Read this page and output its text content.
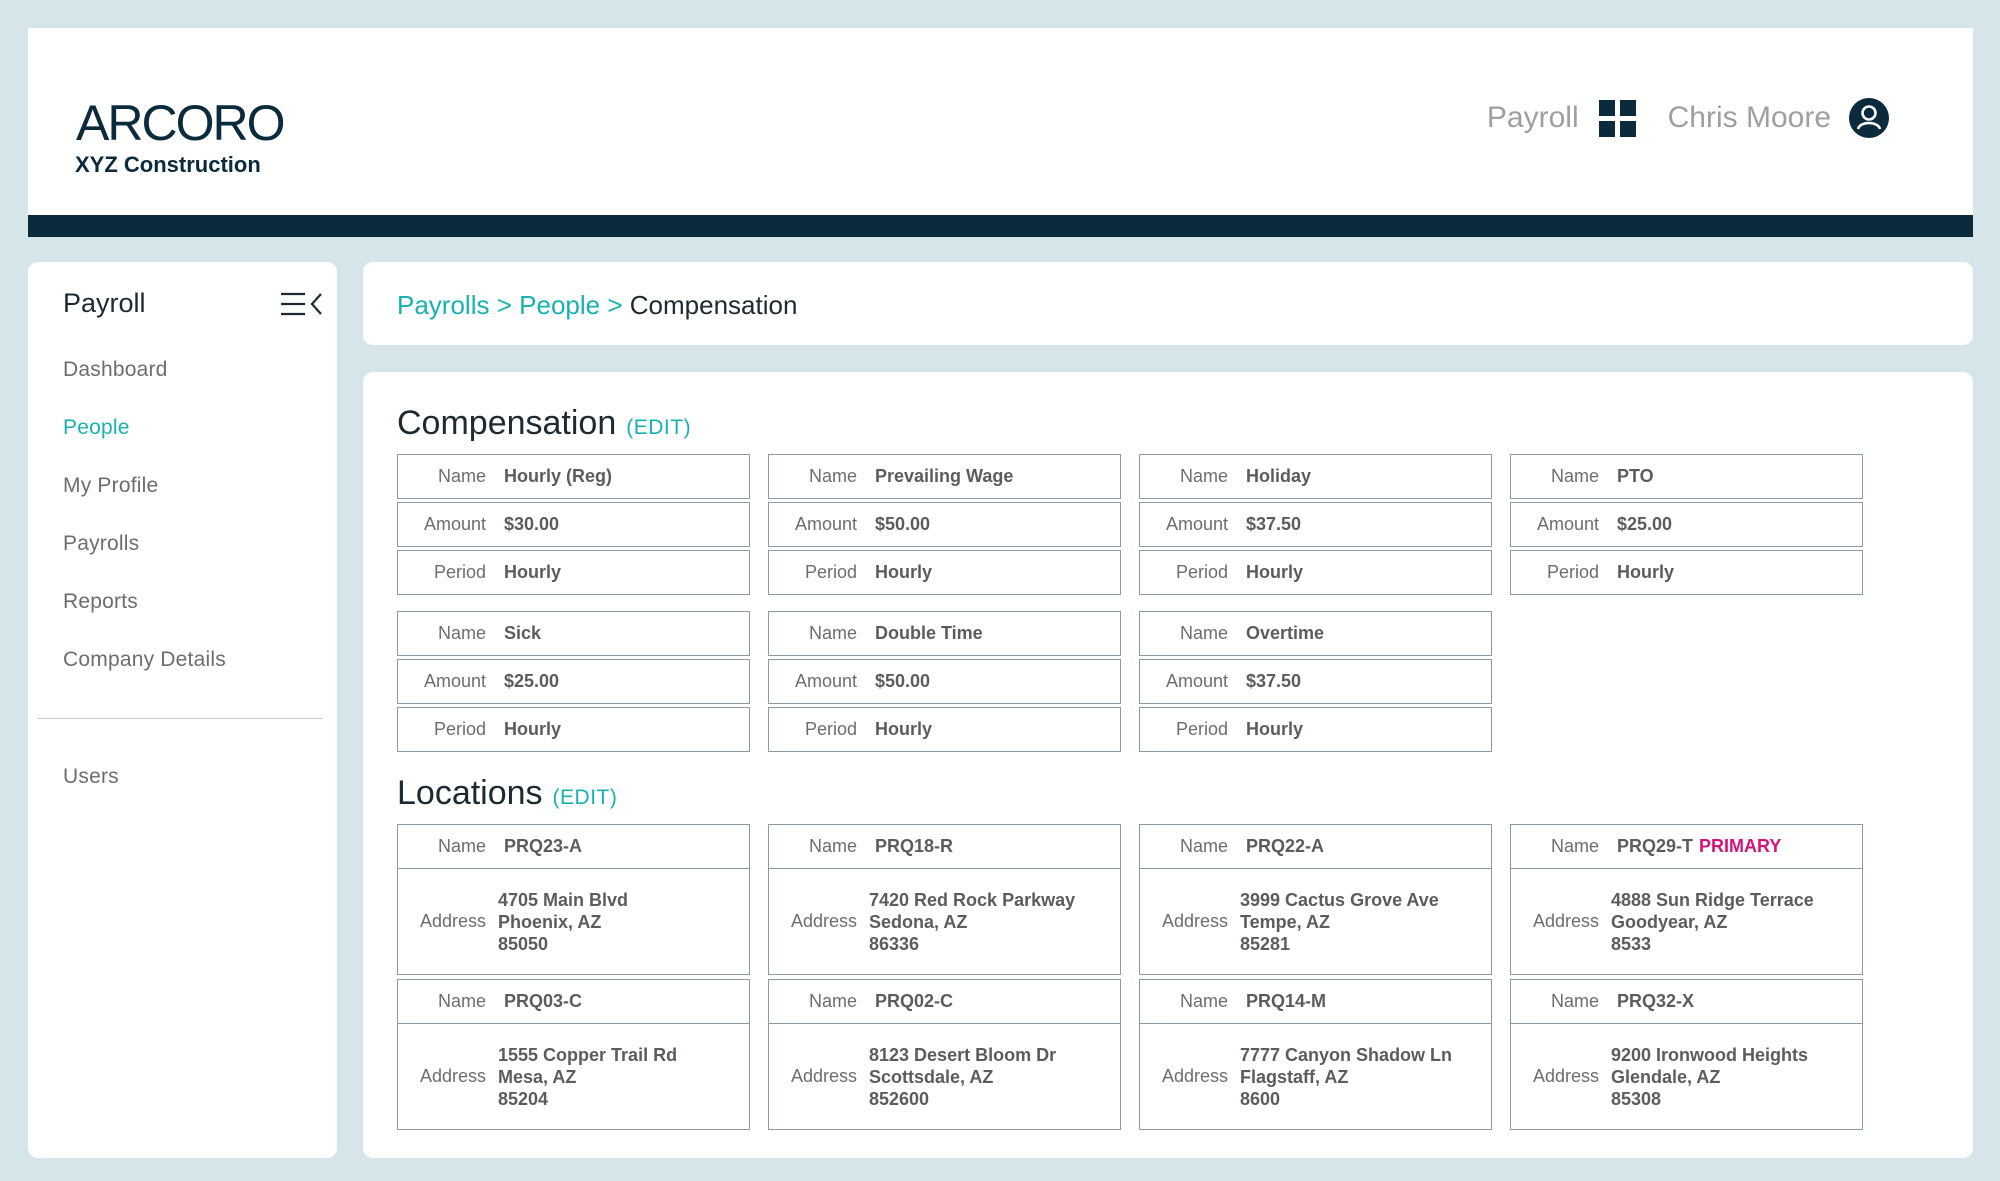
ARCORO
XYZ Construction
Payroll	Chris Moore
Payroll
Dashboard
People
My Profile
Payrolls
Reports
Company Details
Users
Payrolls > People > Compensation
Compensation (EDIT)
Name Hourly (Reg)
Amount $30.00
Period Hourly
Name Prevailing Wage
Amount $50.00
Period Hourly
Name Holiday
Amount $37.50
Period Hourly
Name PTO
Amount $25.00
Period Hourly
Name Sick
Amount $25.00
Period Hourly
Name Double Time
Amount $50.00
Period Hourly
Name Overtime
Amount $37.50
Period Hourly
Locations (EDIT)
Name PRQ23-A
Address
4705 Main Blvd
Phoenix, AZ
85050
Name PRQ18-R
Address
7420 Red Rock Parkway
Sedona, AZ
86336
Name PRQ22-A
Address
3999 Cactus Grove Ave
Tempe, AZ
85281
Name PRQ29-T PRIMARY
Address
4888 Sun Ridge Terrace
Goodyear, AZ
8533
Name PRQ03-C
Address
1555 Copper Trail Rd
Mesa, AZ
85204
Name PRQ02-C
Address
8123 Desert Bloom Dr
Scottsdale, AZ
852600
Name PRQ14-M
Address
7777 Canyon Shadow Ln
Flagstaff, AZ
8600
Name PRQ32-X
Address
9200 Ironwood Heights
Glendale, AZ
85308
